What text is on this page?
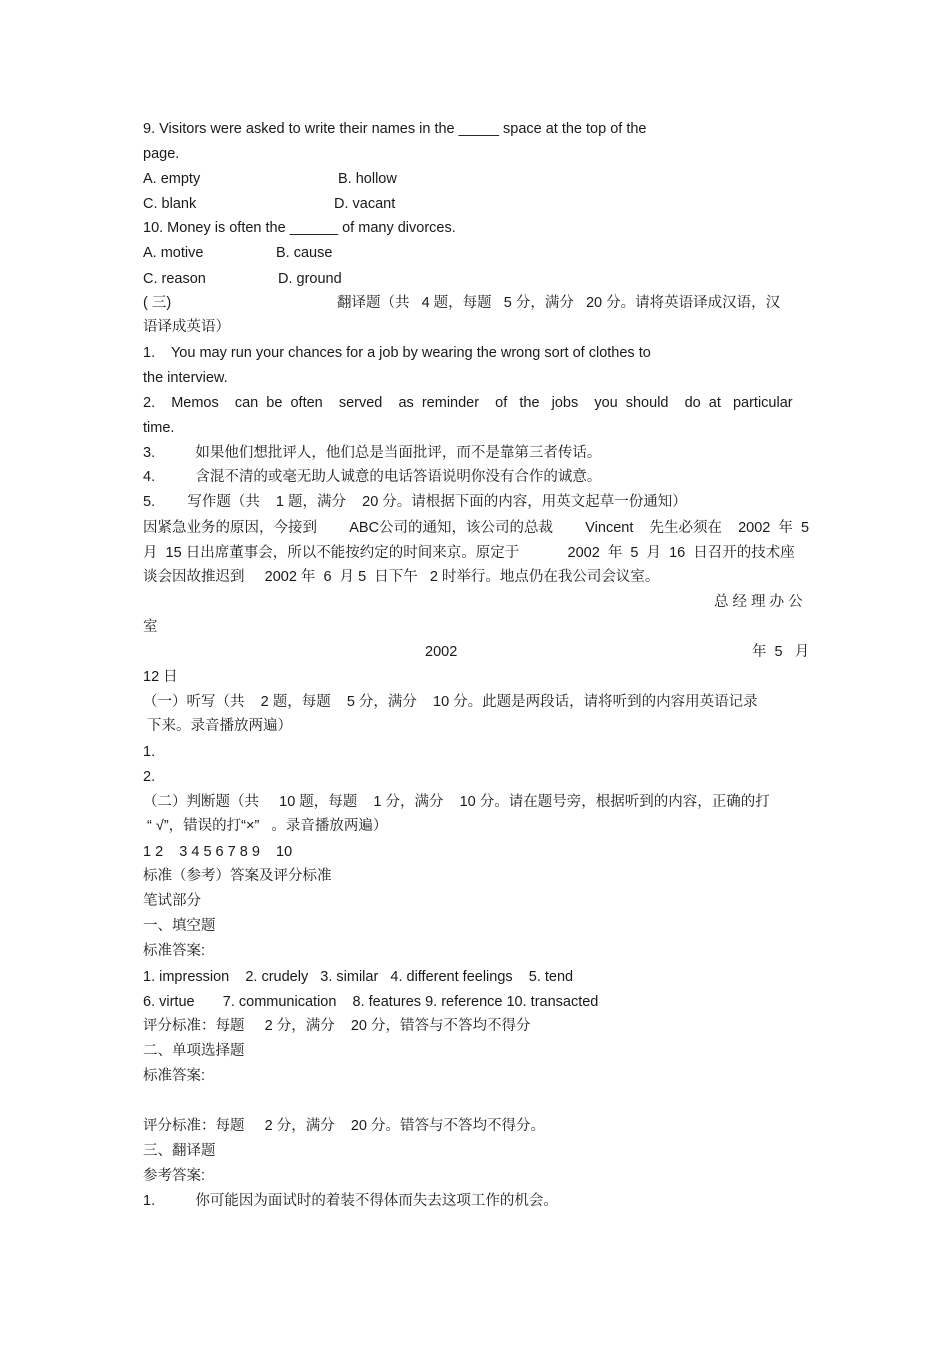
9. Visitors were asked to write their names in the _____ space at the top of the
page.
A. empty	B. hollow
C. blank	D. vacant
10. Money is often the ______ of many divorces.
A. motive	B. cause
C. reason	D. ground
( 三)	翻译题（共   4 题，每题   5 分，满分   20 分。请将英语译成汉语，汉
语译成英语）
1.    You may run your chances for a job by wearing the wrong sort of clothes to
the interview.
2.    Memos    can  be  often    served    as  reminder    of   the   jobs    you  should    do  at   particular
time.
3.          如果他们想批评人，他们总是当面批评，而不是靠第三者传话。
4.          含混不清的或毫无助人诚意的电话答语说明你没有合作的诚意。
5.        写作题（共    1 题，满分    20 分。请根据下面的内容，用英文起草一份通知）
因紧急业务的原因，今接到        ABC公司的通知，该公司的总裁        Vincent    先生必须在    2002  年  5
月  15 日出席董事会，所以不能按约定的时间来京。原定于            2002  年  5  月  16  日召开的技术座
谈会因故推迟到     2002 年  6  月 5  日下午   2 时举行。地点仍在我公司会议室。
总 经 理 办 公
室
2002	年  5   月
12 日
（一）听写（共    2 题，每题    5 分，满分    10 分。此题是两段话，请将听到的内容用英语记录
下来。录音播放两遍）
1.
2.
（二）判断题（共     10 题，每题    1 分，满分    10 分。请在题号旁，根据听到的内容，正确的打
“ √”，错误的打“×”   。录音播放两遍）
1 2    3 4 5 6 7 8 9    10
标准（参考）答案及评分标准
笔试部分
一、填空题
标准答案:
1. impression    2. crudely   3. similar   4. different feelings    5. tend
6. virtue       7. communication    8. features 9. reference 10. transacted
评分标准：每题     2 分，满分    20 分，错答与不答均不得分
二、单项选择题
标准答案:
评分标准：每题     2 分，满分    20 分。错答与不答均不得分。
三、翻译题
参考答案:
1.          你可能因为面试时的着装不得体而失去这项工作的机会。
